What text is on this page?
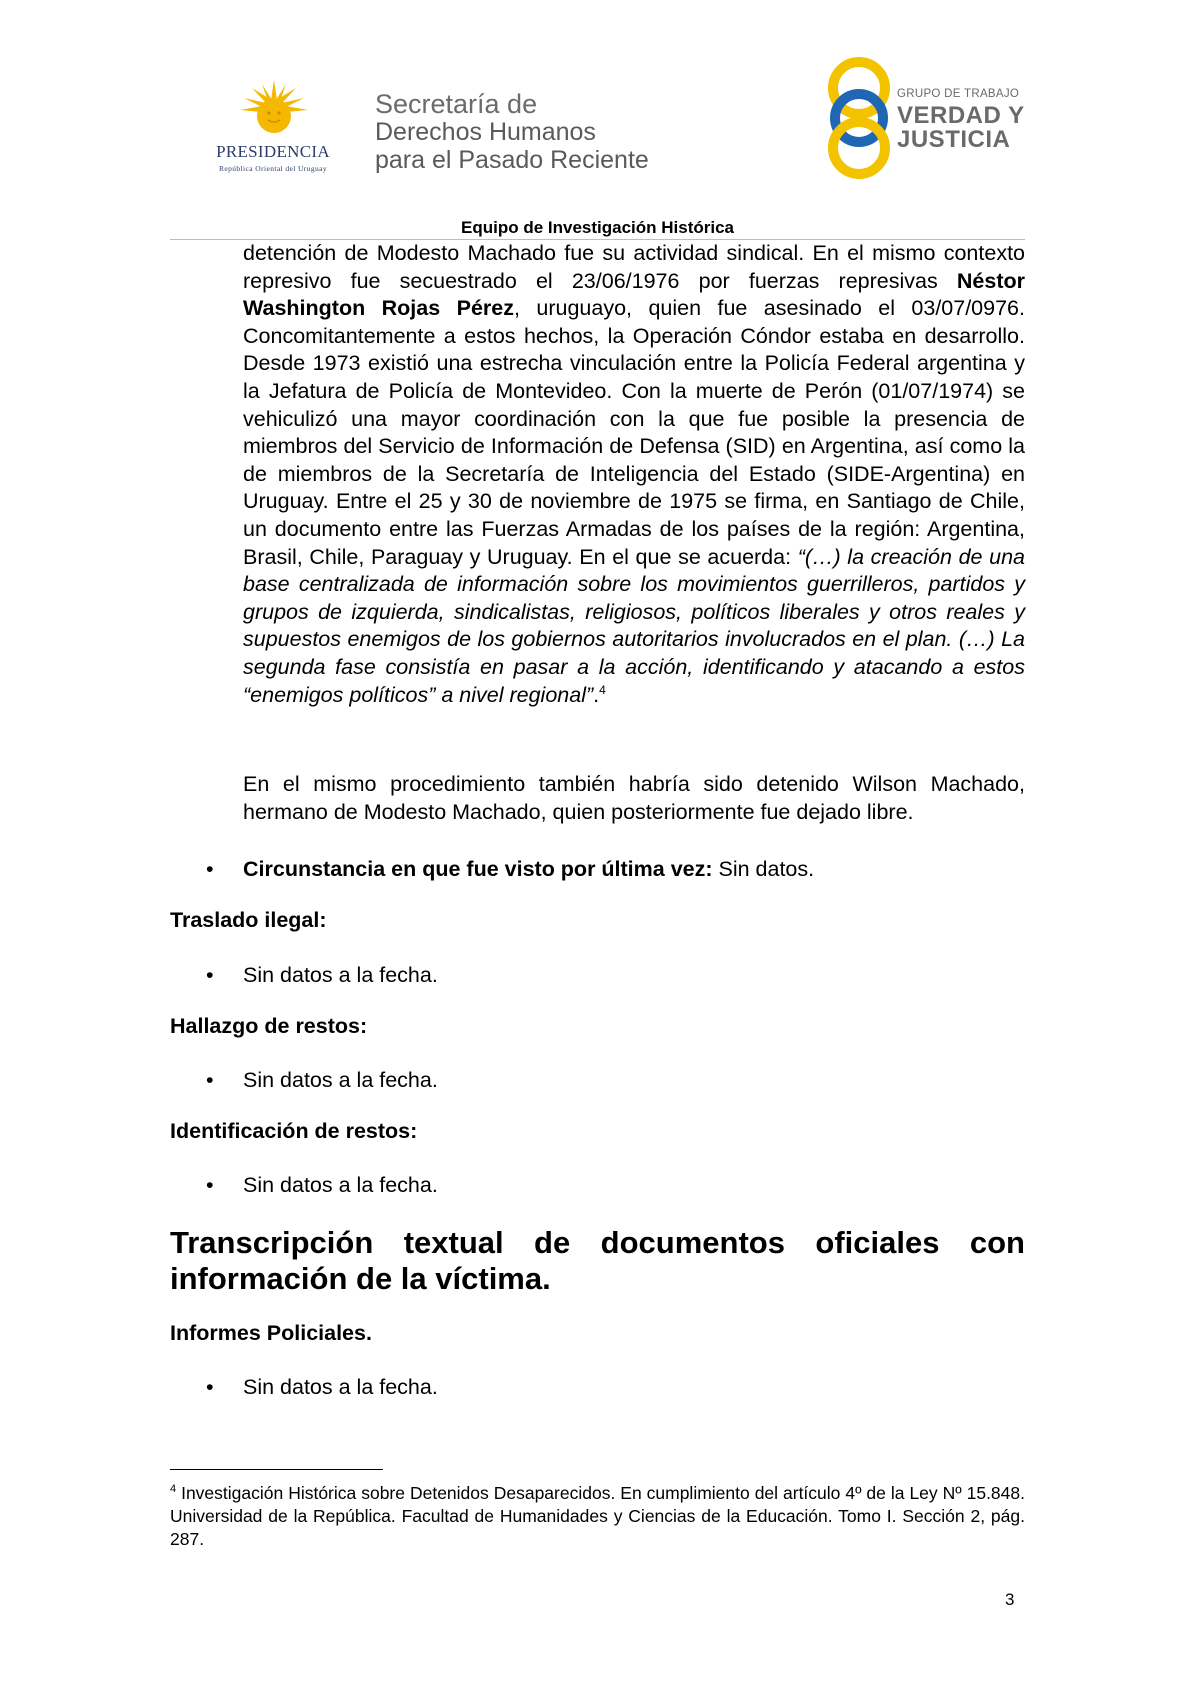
PRESIDENCIA
República Oriental del Uruguay
Secretaría de
Derechos Humanos
para el Pasado Reciente
GRUPO DE TRABAJO
VERDAD Y
JUSTICIA
Equipo de Investigación Histórica
detención de Modesto Machado fue su actividad sindical. En el mismo contexto represivo fue secuestrado el 23/06/1976 por fuerzas represivas Néstor Washington Rojas Pérez, uruguayo, quien fue asesinado el 03/07/0976. Concomitantemente a estos hechos, la Operación Cóndor estaba en desarrollo. Desde 1973 existió una estrecha vinculación entre la Policía Federal argentina y la Jefatura de Policía de Montevideo. Con la muerte de Perón (01/07/1974) se vehiculizó una mayor coordinación con la que fue posible la presencia de miembros del Servicio de Información de Defensa (SID) en Argentina, así como la de miembros de la Secretaría de Inteligencia del Estado (SIDE-Argentina) en Uruguay. Entre el 25 y 30 de noviembre de 1975 se firma, en Santiago de Chile, un documento entre las Fuerzas Armadas de los países de la región: Argentina, Brasil, Chile, Paraguay y Uruguay. En el que se acuerda: “(…) la creación de una base centralizada de información sobre los movimientos guerrilleros, partidos y grupos de izquierda, sindicalistas, religiosos, políticos liberales y otros reales y supuestos enemigos de los gobiernos autoritarios involucrados en el plan. (…) La segunda fase consistía en pasar a la acción, identificando y atacando a estos “enemigos políticos” a nivel regional”.$^4$
En el mismo procedimiento también habría sido detenido Wilson Machado, hermano de Modesto Machado, quien posteriormente fue dejado libre.
• Circunstancia en que fue visto por última vez: Sin datos.
Traslado ilegal:
• Sin datos a la fecha.
Hallazgo de restos:
• Sin datos a la fecha.
Identificación de restos:
• Sin datos a la fecha.
Transcripción textual de documentos oficiales con
información de la víctima.
Informes Policiales.
• Sin datos a la fecha.
$^4$ Investigación Histórica sobre Detenidos Desaparecidos. En cumplimiento del artículo 4º de la Ley Nº 15.848. Universidad de la República. Facultad de Humanidades y Ciencias de la Educación. Tomo I. Sección 2, pág. 287.
3
